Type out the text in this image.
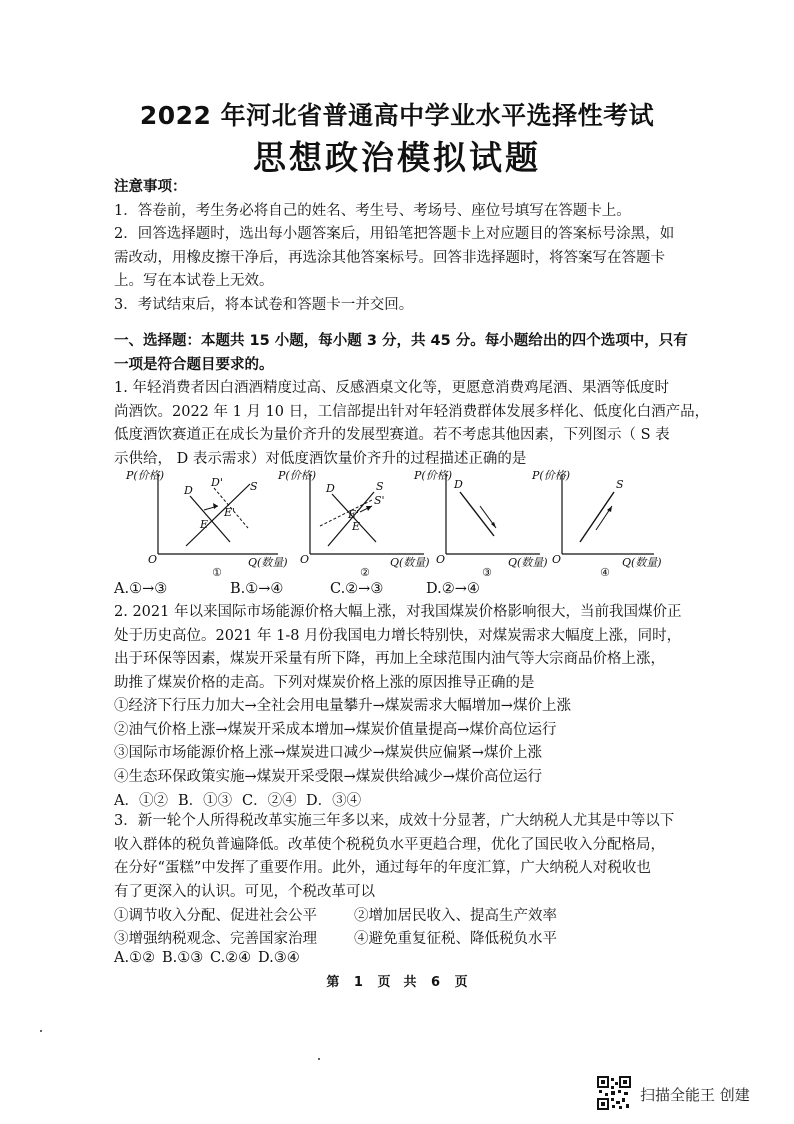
2022 年河北省普通高中学业水平选择性考试
思想政治模拟试题
注意事项：
1．答卷前，考生务必将自己的姓名、考生号、考场号、座位号填写在答题卡上。
2．回答选择题时，选出每小题答案后，用铅笔把答题卡上对应题目的答案标号涂黑，如
需改动，用橡皮擦干净后，再选涂其他答案标号。回答非选择题时，将答案写在答题卡
上。写在本试卷上无效。
3．考试结束后，将本试卷和答题卡一并交回。
一、选择题：本题共 15 小题，每小题 3 分，共 45 分。每小题给出的四个选项中，只有
一项是符合题目要求的。
1. 年轻消费者因白酒酒精度过高、反感酒桌文化等，更愿意消费鸡尾酒、果酒等低度时
尚酒饮。2022 年 1 月 10 日，工信部提出针对年轻消费群体发展多样化、低度化白酒产品，
低度酒饮赛道正在成长为量价齐升的发展型赛道。若不考虑其他因素，下列图示（ S 表
示供给， D 表示需求）对低度酒饮量价齐升的过程描述正确的是
P(价格)
O	Q(数量)
D
D' S
E'
E
①
P(价格)
O	Q(数量)
D	S
S'
E'
E
②
P(价格)
O	Q(数量)
D
③
P(价格)
O	Q(数量)
S
④
A.①→③	B.①→④	C.②→③	D.②→④
2. 2021 年以来国际市场能源价格大幅上涨，对我国煤炭价格影响很大，当前我国煤价正
处于历史高位。2021 年 1-8 月份我国电力增长特别快，对煤炭需求大幅度上涨，同时，
出于环保等因素，煤炭开采量有所下降，再加上全球范围内油气等大宗商品价格上涨，
助推了煤炭价格的走高。下列对煤炭价格上涨的原因推导正确的是
①经济下行压力加大→全社会用电量攀升→煤炭需求大幅增加→煤价上涨
②油气价格上涨→煤炭开采成本增加→煤炭价值量提高→煤价高位运行
③国际市场能源价格上涨→煤炭进口减少→煤炭供应偏紧→煤价上涨
④生态环保政策实施→煤炭开采受限→煤炭供给减少→煤价高位运行
A．①② B．①③ C．②④ D．③④
3．新一轮个人所得税改革实施三年多以来，成效十分显著，广大纳税人尤其是中等以下
收入群体的税负普遍降低。改革使个税税负水平更趋合理，优化了国民收入分配格局，
在分好“蛋糕”中发挥了重要作用。此外，通过每年的年度汇算，广大纳税人对税收也
有了更深入的认识。可见，个税改革可以
①调节收入分配、促进社会公平	②增加居民收入、提高生产效率
③增强纳税观念、完善国家治理	④避免重复征税、降低税负水平
A.①② B.①③ C.②④ D.③④
第 1 页　共 6 页
扫描全能王 创建
